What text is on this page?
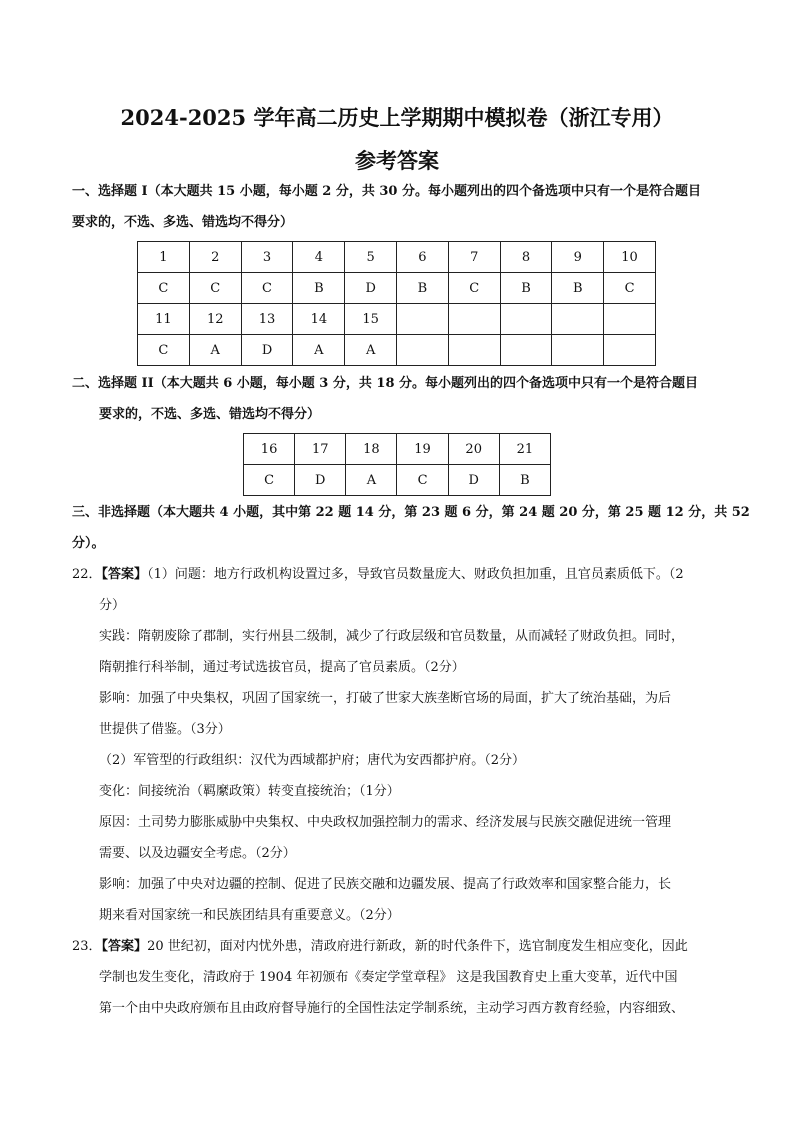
2024-2025 学年高二历史上学期期中模拟卷（浙江专用）
参考答案
一、选择题 I（本大题共 15 小题，每小题 2 分，共 30 分。每小题列出的四个备选项中只有一个是符合题目
要求的，不选、多选、错选均不得分）
1	2	3	4	5	6	7	8	9	10
C	C	C	B	D	B	C	B	B	C
11	12	13	14	15					
C	A	D	A	A					
二、选择题 II（本大题共 6 小题，每小题 3 分，共 18 分。每小题列出的四个备选项中只有一个是符合题目
要求的，不选、多选、错选均不得分）
16	17	18	19	20	21
C	D	A	C	D	B
三、非选择题（本大题共 4 小题，其中第 22 题 14 分，第 23 题 6 分，第 24 题 20 分，第 25 题 12 分，共 52
分）。
22．【答案】（1）问题：地方行政机构设置过多，导致官员数量庞大、财政负担加重，且官员素质低下。（2
分）
实践：隋朝废除了郡制，实行州县二级制，减少了行政层级和官员数量，从而减轻了财政负担。同时，
隋朝推行科举制，通过考试选拔官员，提高了官员素质。（2分）
影响：加强了中央集权，巩固了国家统一，打破了世家大族垄断官场的局面，扩大了统治基础，为后
世提供了借鉴。（3分）
（2）军管型的行政组织：汉代为西域都护府；唐代为安西都护府。（2分）
变化：间接统治（羁縻政策）转变直接统治；（1分）
原因：土司势力膨胀威胁中央集权、中央政权加强控制力的需求、经济发展与民族交融促进统一管理
需要、以及边疆安全考虑。（2分）
影响：加强了中央对边疆的控制、促进了民族交融和边疆发展、提高了行政效率和国家整合能力，长
期来看对国家统一和民族团结具有重要意义。（2分）
23．【答案】20 世纪初，面对内忧外患，清政府进行新政，新的时代条件下，选官制度发生相应变化，因此
学制也发生变化，清政府于 1904 年初颁布《奏定学堂章程》 这是我国教育史上重大变革，近代中国
第一个由中央政府颁布且由政府督导施行的全国性法定学制系统，主动学习西方教育经验，内容细致、
